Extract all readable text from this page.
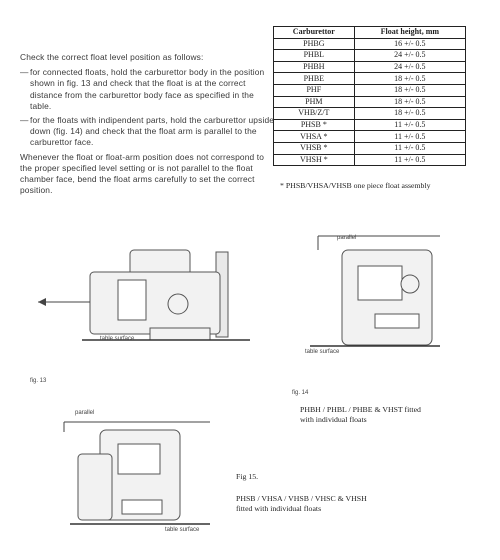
Check the correct float level position as follows:

— for connected floats, hold the carburettor body in the position shown in fig. 13 and check that the float is at the correct distance from the carburettor body face as specified in the table.
— for the floats with indipendent parts, hold the carburettor upside down (fig. 14) and check that the float arm is parallel to the carburettor face.

Whenever the float or float-arm position does not correspond to the proper specified level setting or is not parallel to the float chamber face, bend the float arms carefully to set the correct position.

Carburettor	Float height, mm
PHBG	16 +/- 0.5
PHBL	24 +/- 0.5
PHBH	24 +/- 0.5
PHBE	18 +/- 0.5
PHF	18 +/- 0.5
PHM	18 +/- 0.5
VHB/Z/T	18 +/- 0.5
PHSB *	11 +/- 0.5
VHSA *	11 +/- 0.5
VHSB *	11 +/- 0.5
VHSH *	11 +/- 0.5
* PHSB/VHSA/VHSB one piece float assembly
table surface
fig. 13
parallel
table surface
fig. 14
PHBH / PHBL / PHBE & VHST fitted
with individual floats
parallel
table surface
Fig 15.
PHSB / VHSA / VHSB / VHSC & VHSH
fitted with individual floats
